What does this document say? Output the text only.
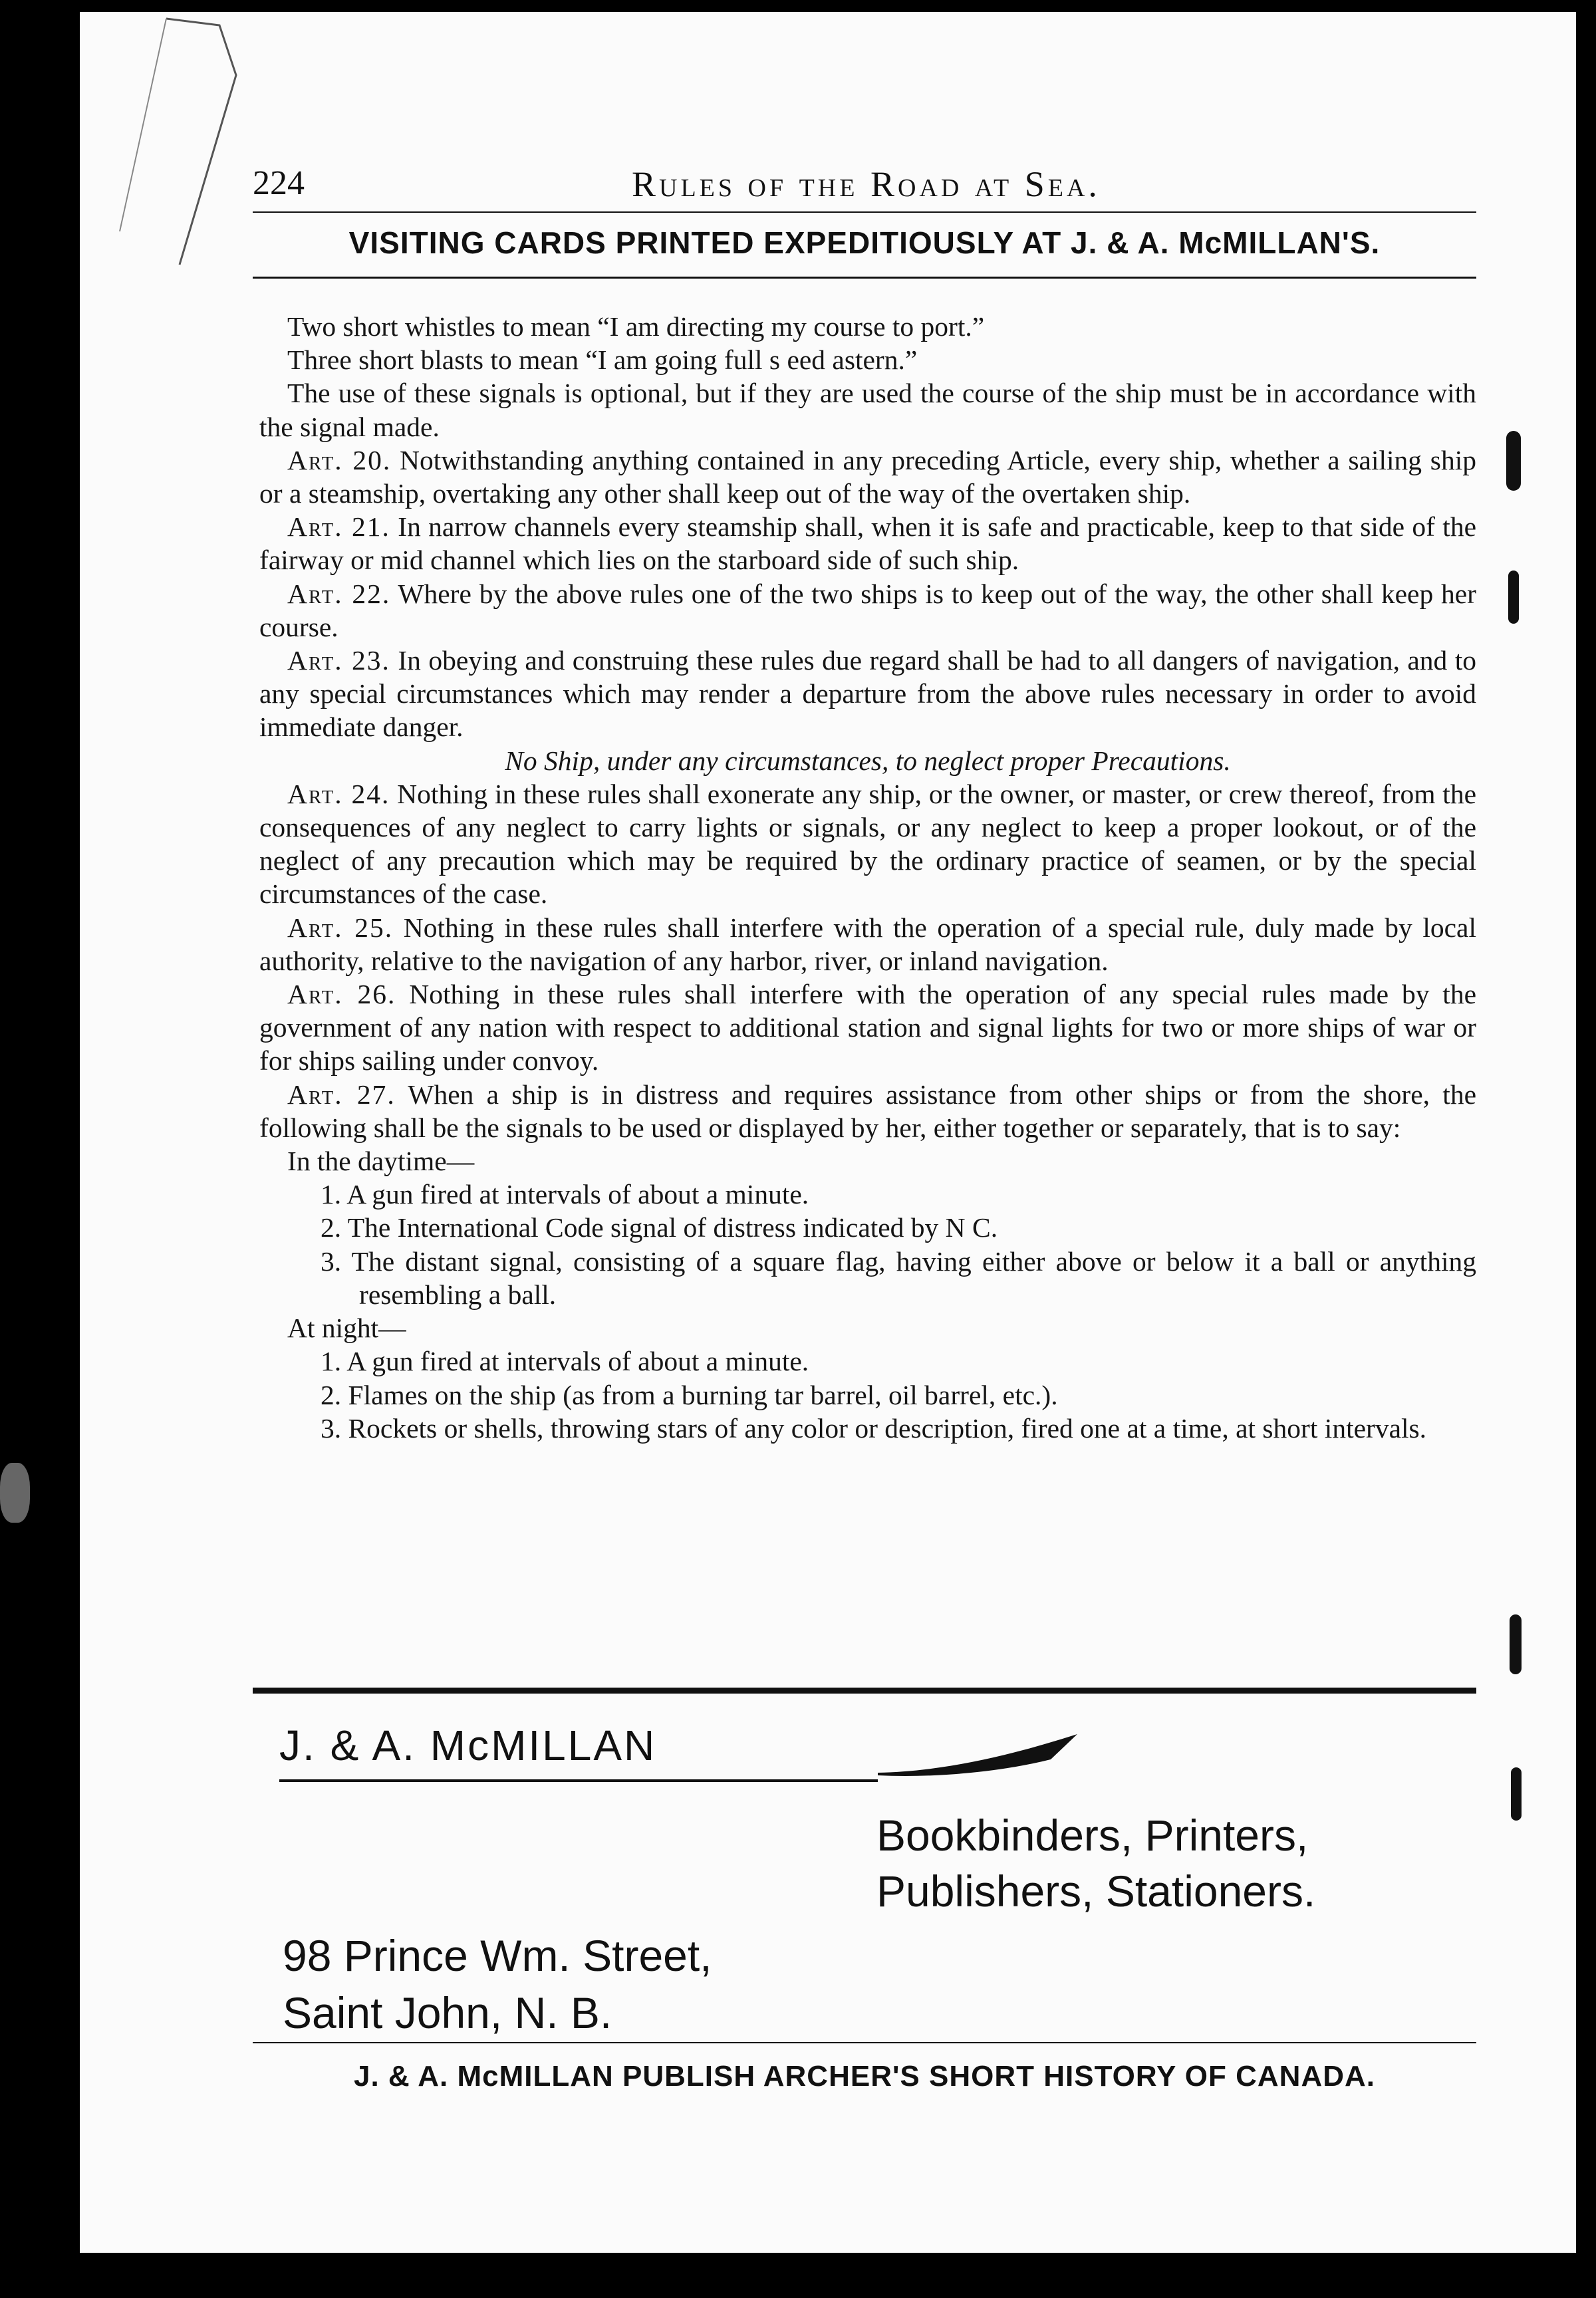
224	Rules of the Road at Sea.
VISITING CARDS PRINTED EXPEDITIOUSLY AT J. & A. McMILLAN'S.

Two short whistles to mean “I am directing my course to port.”

Three short blasts to mean “I am going full s eed astern.”

The use of these signals is optional, but if they are used the course of the ship must be in accordance with the signal made.

Art. 20. Notwithstanding anything contained in any preceding Article, every ship, whether a sailing ship or a steamship, overtaking any other shall keep out of the way of the overtaken ship.

Art. 21. In narrow channels every steamship shall, when it is safe and practicable, keep to that side of the fairway or mid channel which lies on the starboard side of such ship.

Art. 22. Where by the above rules one of the two ships is to keep out of the way, the other shall keep her course.

Art. 23. In obeying and construing these rules due regard shall be had to all dangers of navigation, and to any special circumstances which may render a departure from the above rules necessary in order to avoid immediate danger.

No Ship, under any circumstances, to neglect proper Precautions.

Art. 24. Nothing in these rules shall exonerate any ship, or the owner, or master, or crew thereof, from the consequences of any neglect to carry lights or signals, or any neglect to keep a proper lookout, or of the neglect of any precaution which may be required by the ordinary practice of seamen, or by the special circumstances of the case.

Art. 25. Nothing in these rules shall interfere with the operation of a special rule, duly made by local authority, relative to the navigation of any harbor, river, or inland navigation.

Art. 26. Nothing in these rules shall interfere with the operation of any special rules made by the government of any nation with respect to additional station and signal lights for two or more ships of war or for ships sailing under convoy.

Art. 27. When a ship is in distress and requires assistance from other ships or from the shore, the following shall be the signals to be used or displayed by her, either together or separately, that is to say:

In the daytime—

1. A gun fired at intervals of about a minute.
2. The International Code signal of distress indicated by N C.
3. The distant signal, consisting of a square flag, having either above or below it a ball or anything resembling a ball.

At night—

1. A gun fired at intervals of about a minute.
2. Flames on the ship (as from a burning tar barrel, oil barrel, etc.).
3. Rockets or shells, throwing stars of any color or description, fired one at a time, at short intervals.
J. & A. McMILLAN
Bookbinders, Printers,
Publishers, Stationers.
98 Prince Wm. Street,
Saint John, N. B.
J. & A. McMILLAN PUBLISH ARCHER'S SHORT HISTORY OF CANADA.
